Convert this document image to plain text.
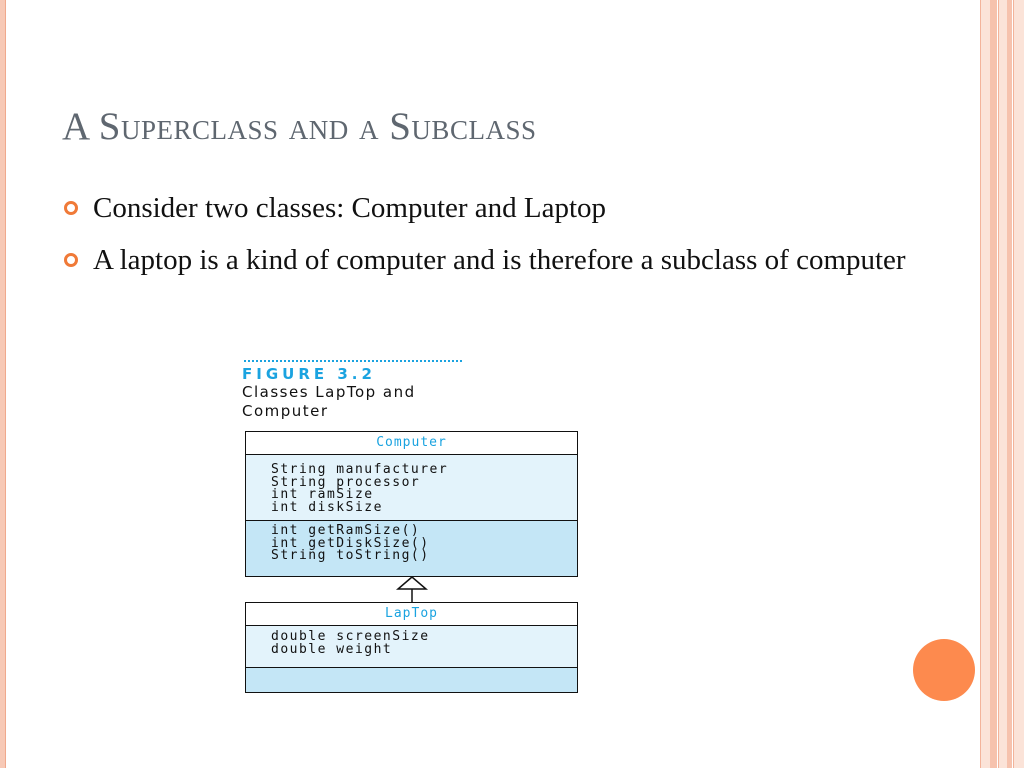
A Superclass and a Subclass
Consider two classes: Computer and Laptop
A laptop is a kind of computer and is therefore a subclass of computer
FIGURE 3.2
Classes LapTop and
Computer
Computer
String manufacturer
String processor
int ramSize
int diskSize
int getRamSize()
int getDiskSize()
String toString()
LapTop
double screenSize
double weight
